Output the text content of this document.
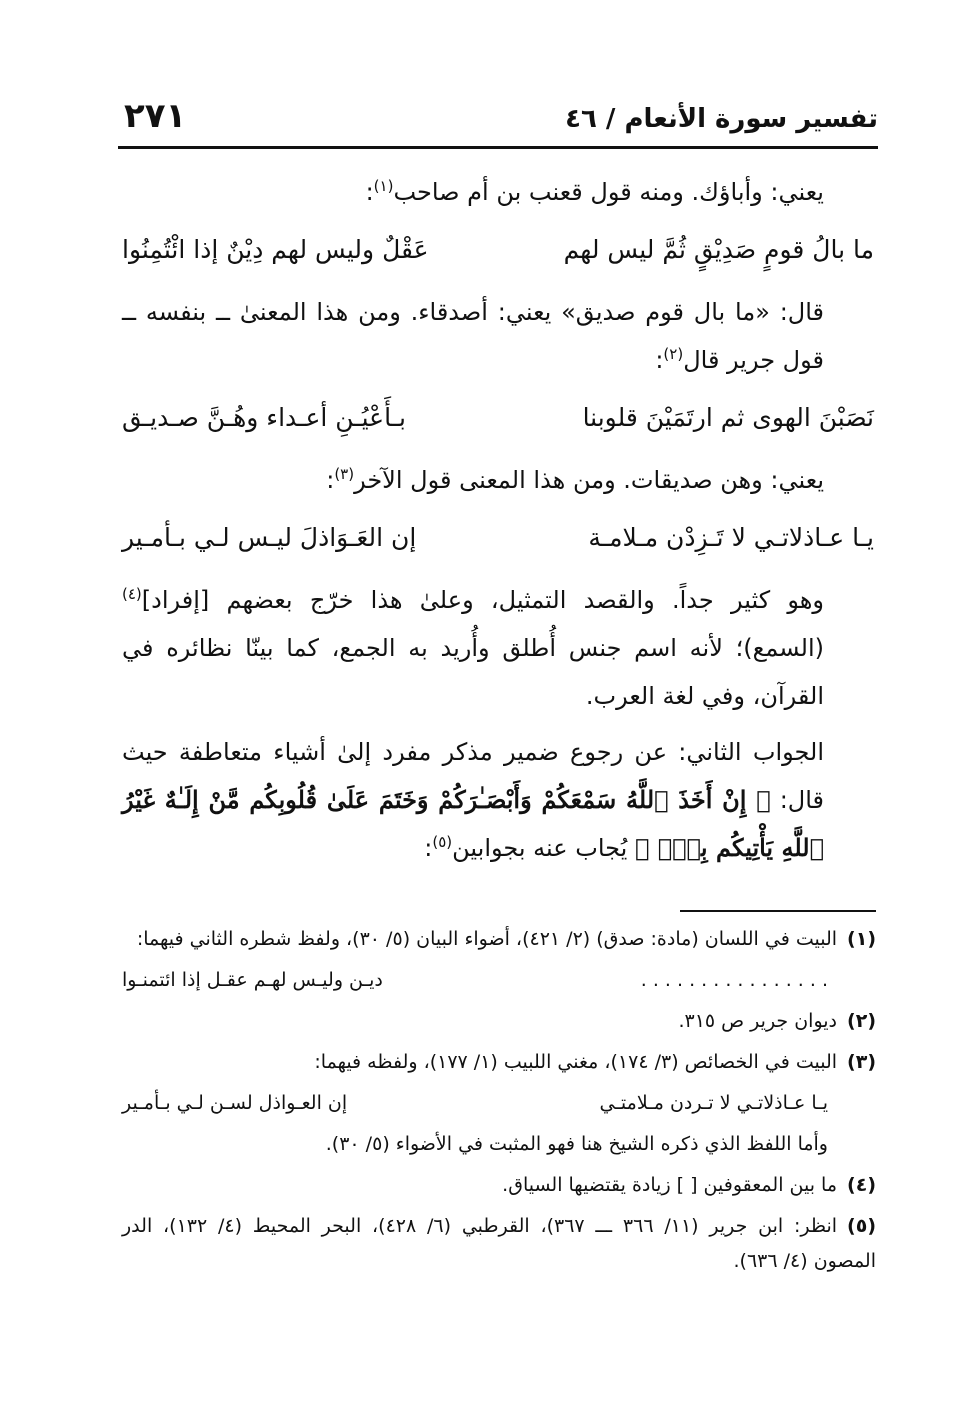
تفسير سورة الأنعام / ٤٦
٢٧١

يعني: وأباؤك. ومنه قول قعنب بن أم صاحب$^{(١)}$:

ما بالُ قومٍ صَدِيْقٍ ثُمَّ ليس لهم
عَقْلٌ وليس لهم دِيْنٌ إذا ائْتُمِنُوا

قال: «ما بال قوم صديق» يعني: أصدقاء. ومن هذا المعنىٰ ــ بنفسه ــ قول جرير قال$^{(٢)}$:

نَصَبْنَ الهوى ثم ارتَمَيْنَ قلوبنا
بـأَعْيُـنِ أعـداء وهُـنَّ صـديـق

يعني: وهن صديقات. ومن هذا المعنى قول الآخر$^{(٣)}$:

يـا عـاذلاتـي لا تَـزِدْن مـلامـة
إن العَـوَاذلَ ليـس لـي بـأمـير

وهو كثير جداً. والقصد التمثيل، وعلىٰ هذا خرّج بعضهم [إفراد]$^{(٤)}$ (السمع)؛ لأنه اسم جنس أُطلق وأُريد به الجمع، كما بينّا نظائره في القرآن، وفي لغة العرب.

الجواب الثاني: عن رجوع ضمير مذكر مفرد إلىٰ أشياء متعاطفة حيث قال: ﴿ إِنْ أَخَذَ ٱللَّهُ سَمْعَكُمْ وَأَبْصَـٰرَكُمْ وَخَتَمَ عَلَىٰ قُلُوبِكُم مَّنْ إِلَـٰهٌ غَيْرُ ٱللَّهِ يَأْتِيكُم بِهِۗ ﴾ يُجاب عنه بجوابين$^{(٥)}$:

(١)البيت في اللسان (مادة: صدق) (٢/ ٤٢١)، أضواء البيان (٥/ ٣٠)، ولفظ شطره الثاني فيهما:
. . . . . . . . . . . . . . . .
ديـن وليـس لهـم عقـل إذا ائتمنـوا
(٢)ديوان جرير ص ٣١٥.
(٣)البيت في الخصائص (٣/ ١٧٤)، مغني اللبيب (١/ ١٧٧)، ولفظه فيهما:
يـا عـاذلاتـي لا تـردن مـلامتـي
إن العـواذل لسـن لـي بـأمـير
وأما اللفظ الذي ذكره الشيخ هنا فهو المثبت في الأضواء (٥/ ٣٠).
(٤)ما بين المعقوفين [ ] زيادة يقتضيها السياق.
(٥)انظر: ابن جرير (١١/ ٣٦٦ ـــ ٣٦٧)، القرطبي (٦/ ٤٢٨)، البحر المحيط (٤/ ١٣٢)، الدر المصون (٤/ ٦٣٦).
